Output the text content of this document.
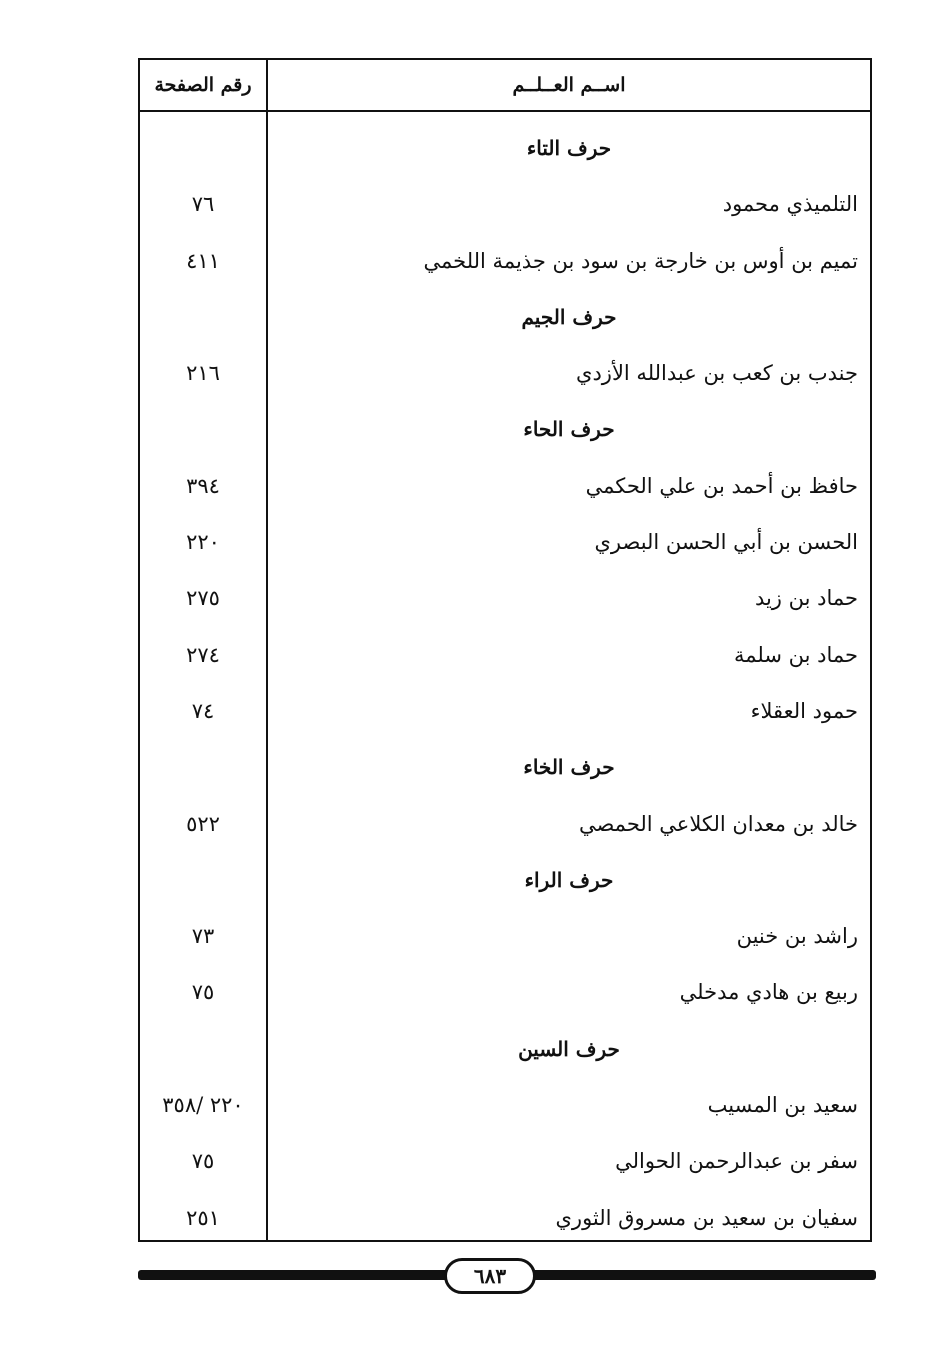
اســم العــلــم
رقم الصفحة
حرف التاء
التلميذي محمود
٧٦
تميم بن أوس بن خارجة بن سود بن جذيمة اللخمي
٤١١
حرف الجيم
جندب بن كعب بن عبدالله الأزدي
٢١٦
حرف الحاء
حافظ بن أحمد بن علي الحكمي
٣٩٤
الحسن بن أبي الحسن البصري
٢٢٠
حماد بن زيد
٢٧٥
حماد بن سلمة
٢٧٤
حمود العقلاء
٧٤
حرف الخاء
خالد بن معدان الكلاعي الحمصي
٥٢٢
حرف الراء
راشد بن خنين
٧٣
ربيع بن هادي مدخلي
٧٥
حرف السين
سعيد بن المسيب
٢٢٠ /٣٥٨
سفر بن عبدالرحمن الحوالي
٧٥
سفيان بن سعيد بن مسروق الثوري
٢٥١
٦٨٣
